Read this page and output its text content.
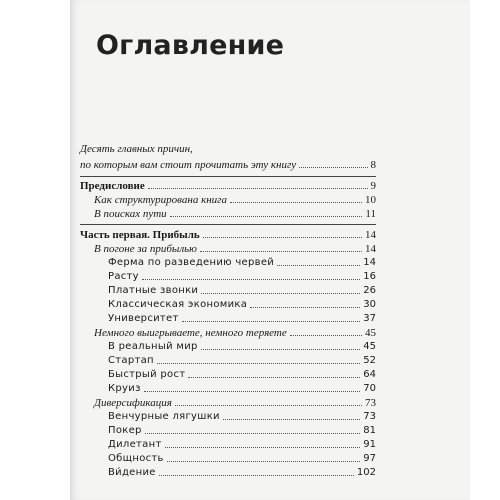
Оглавление
Десять главных причин,
по которым вам стоит прочитать эту книгу	8
Предисловие	9
Как структурирована книга	10
В поисках пути	11
Часть первая. Прибыль	14
В погоне за прибылью	14
Ферма по разведению червей	14
Расту	16
Платные звонки	26
Классическая экономика	30
Университет	37
Немного выигрываете, немного теряете	45
В реальный мир	45
Стартап	52
Быстрый рост	64
Круиз	70
Диверсификация	73
Венчурные лягушки	73
Покер	81
Дилетант	91
Общность	97
Ви́дение	102
